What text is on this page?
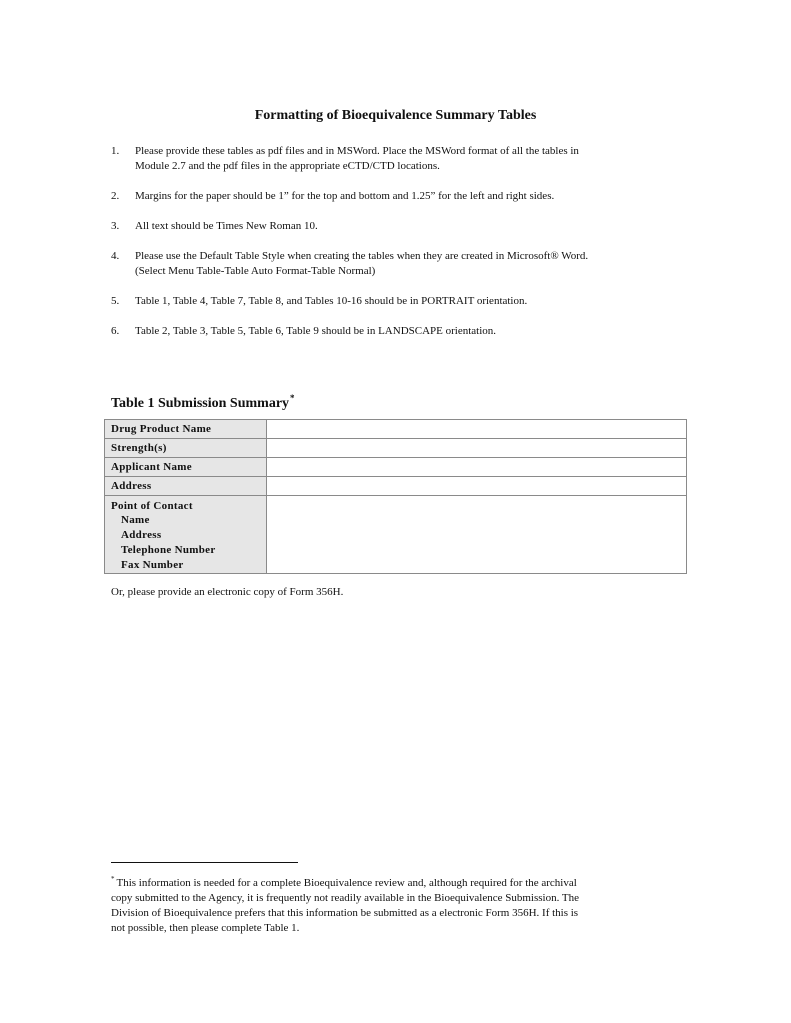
Formatting of Bioequivalence Summary Tables
1. Please provide these tables as pdf files and in MSWord. Place the MSWord format of all the tables in
Module 2.7 and the pdf files in the appropriate eCTD/CTD locations.
2. Margins for the paper should be 1” for the top and bottom and 1.25” for the left and right sides.
3. All text should be Times New Roman 10.
4. Please use the Default Table Style when creating the tables when they are created in Microsoft® Word.
(Select Menu Table-Table Auto Format-Table Normal)
5. Table 1, Table 4, Table 7, Table 8, and Tables 10-16 should be in PORTRAIT orientation.
6. Table 2, Table 3, Table 5, Table 6, Table 9 should be in LANDSCAPE orientation.
Table 1 Submission Summary*
Drug Product Name	
Strength(s)	
Applicant Name	
Address	

Point of Contact
Name
Address
Telephone Number
Fax Number	

Or, please provide an electronic copy of Form 356H.

* This information is needed for a complete Bioequivalence review and, although required for the archival
copy submitted to the Agency, it is frequently not readily available in the Bioequivalence Submission. The
Division of Bioequivalence prefers that this information be submitted as a electronic Form 356H. If this is
not possible, then please complete Table 1.
